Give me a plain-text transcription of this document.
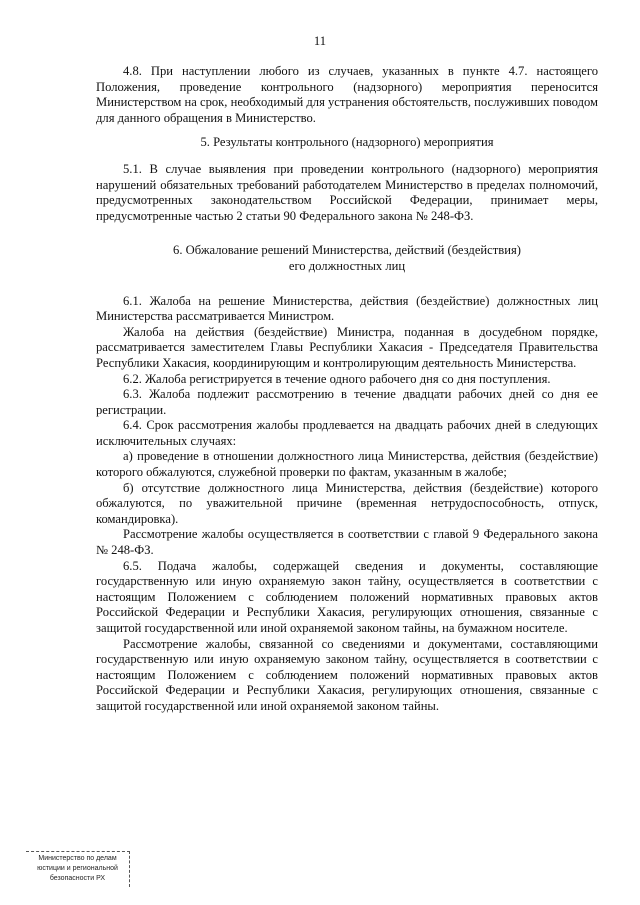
11

4.8. При наступлении любого из случаев, указанных в пункте 4.7. настоящего Положения, проведение контрольного (надзорного) мероприятия переносится Министерством на срок, необходимый для устранения обстоятельств, послуживших поводом для данного обращения в Министерство.

5. Результаты контрольного (надзорного) мероприятия

5.1. В случае выявления при проведении контрольного (надзорного) мероприятия нарушений обязательных требований работодателем Министерство в пределах полномочий, предусмотренных законодательством Российской Федерации, принимает меры, предусмотренные частью 2 статьи 90 Федерального закона № 248-ФЗ.

6. Обжалование решений Министерства, действий (бездействия)
его должностных лиц

6.1. Жалоба на решение Министерства, действия (бездействие) должностных лиц Министерства рассматривается Министром.

Жалоба на действия (бездействие) Министра, поданная в досудебном порядке, рассматривается заместителем Главы Республики Хакасия - Председателя Правительства Республики Хакасия, координирующим и контролирующим деятельность Министерства.

6.2. Жалоба регистрируется в течение одного рабочего дня со дня поступления.

6.3. Жалоба подлежит рассмотрению в течение двадцати рабочих дней со дня ее регистрации.

6.4. Срок рассмотрения жалобы продлевается на двадцать рабочих дней в следующих исключительных случаях:

а) проведение в отношении должностного лица Министерства, действия (бездействие) которого обжалуются, служебной проверки по фактам, указанным в жалобе;

б) отсутствие должностного лица Министерства, действия (бездействие) которого обжалуются, по уважительной причине (временная нетрудоспособность, отпуск, командировка).

Рассмотрение жалобы осуществляется в соответствии с главой 9 Федерального закона № 248-ФЗ.

6.5. Подача жалобы, содержащей сведения и документы, составляющие государственную или иную охраняемую закон тайну, осуществляется в соответствии с настоящим Положением с соблюдением положений нормативных правовых актов Российской Федерации и Республики Хакасия, регулирующих отношения, связанные с защитой государственной или иной охраняемой законом тайны, на бумажном носителе.

Рассмотрение жалобы, связанной со сведениями и документами, составляющими государственную или иную охраняемую законом тайну, осуществляется в соответствии с настоящим Положением с соблюдением положений нормативных правовых актов Российской Федерации и Республики Хакасия, регулирующих отношения, связанные с защитой государственной или иной охраняемой законом тайны.

Министерство по делам
юстиции и региональной
безопасности РХ
